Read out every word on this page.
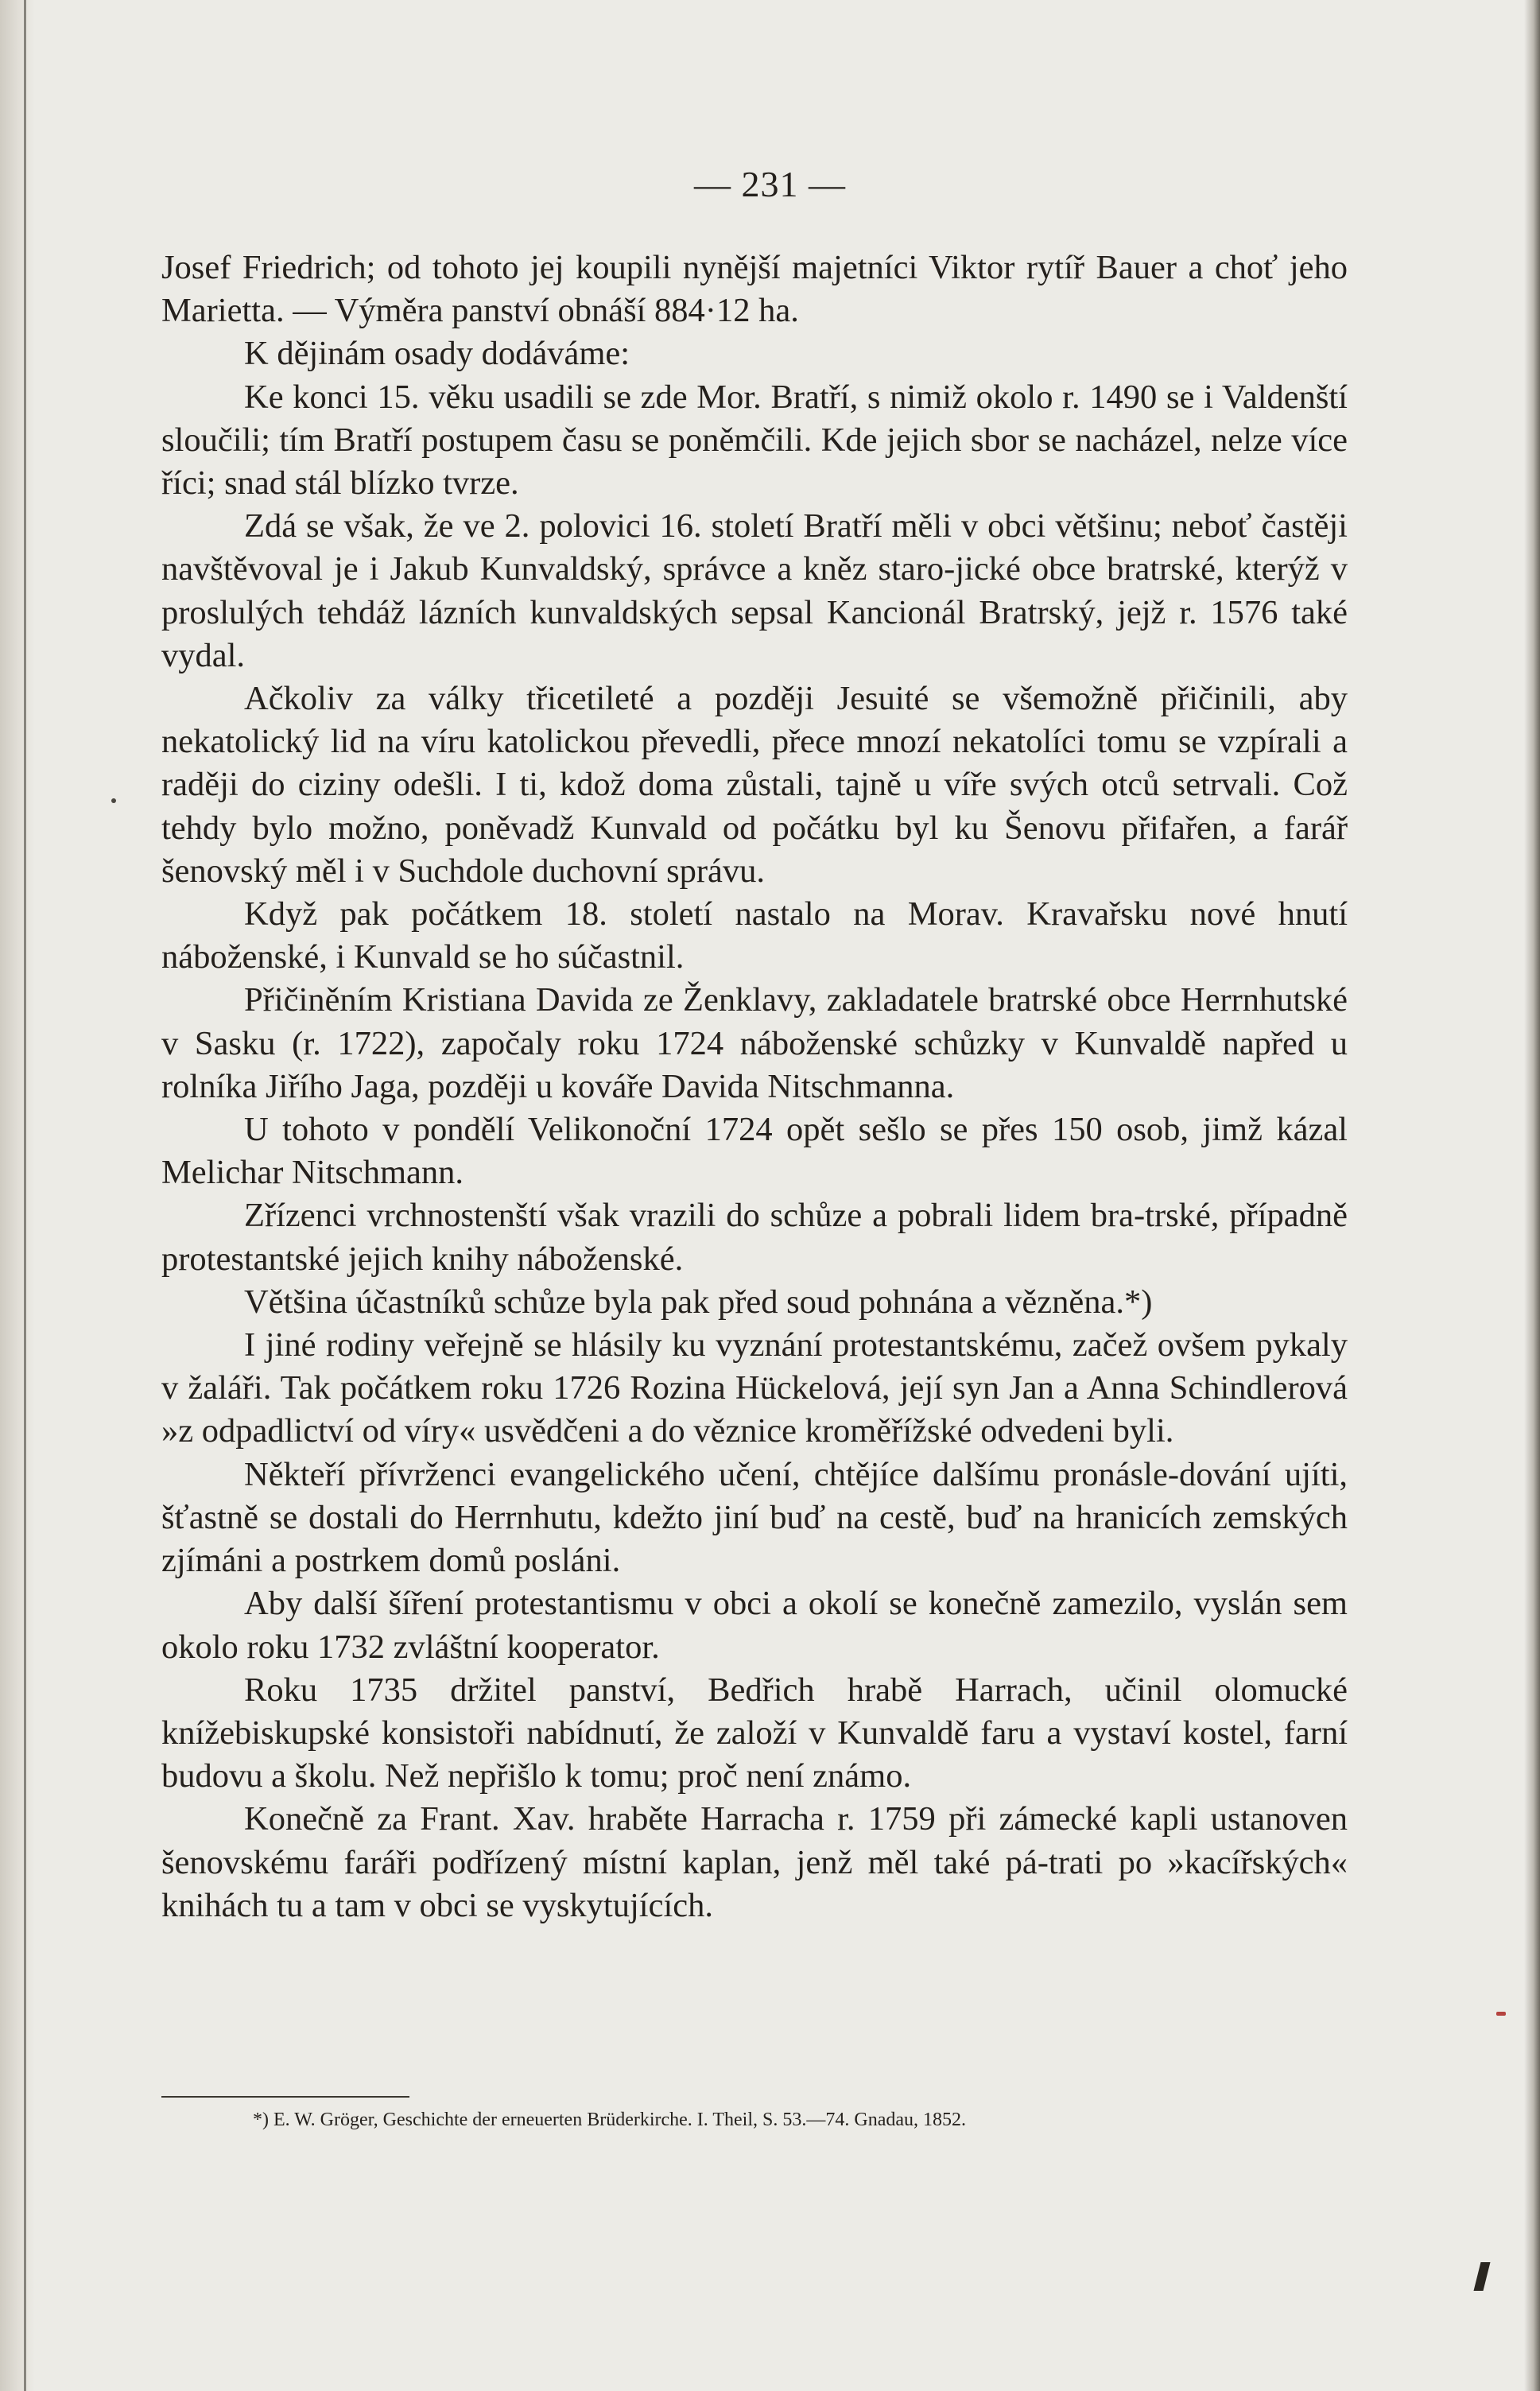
— 231 —

Josef Friedrich; od tohoto jej koupili nynější majetníci Viktor rytíř Bauer a choť jeho Marietta. — Výměra panství obnáší 884·12 ha.

K dějinám osady dodáváme:

Ke konci 15. věku usadili se zde Mor. Bratří, s nimiž okolo r. 1490 se i Valdenští sloučili; tím Bratří postupem času se poněmčili. Kde jejich sbor se nacházel, nelze více říci; snad stál blízko tvrze.

Zdá se však, že ve 2. polovici 16. století Bratří měli v obci většinu; neboť častěji navštěvoval je i Jakub Kunvaldský, správce a kněz staro-jické obce bratrské, kterýž v proslulých tehdáž lázních kunvaldských sepsal Kancionál Bratrský, jejž r. 1576 také vydal.

Ačkoliv za války třicetileté a později Jesuité se všemožně přičinili, aby nekatolický lid na víru katolickou převedli, přece mnozí nekatolíci tomu se vzpírali a raději do ciziny odešli. I ti, kdož doma zůstali, tajně u víře svých otců setrvali. Což tehdy bylo možno, poněvadž Kunvald od počátku byl ku Šenovu přifařen, a farář šenovský měl i v Suchdole duchovní správu.

Když pak počátkem 18. století nastalo na Morav. Kravařsku nové hnutí náboženské, i Kunvald se ho súčastnil.

Přičiněním Kristiana Davida ze Ženklavy, zakladatele bratrské obce Herrnhutské v Sasku (r. 1722), započaly roku 1724 náboženské schůzky v Kunvaldě napřed u rolníka Jiřího Jaga, později u kováře Davida Nitschmanna.

U tohoto v pondělí Velikonoční 1724 opět sešlo se přes 150 osob, jimž kázal Melichar Nitschmann.

Zřízenci vrchnostenští však vrazili do schůze a pobrali lidem bra-trské, případně protestantské jejich knihy náboženské.

Většina účastníků schůze byla pak před soud pohnána a vězněna.*)

I jiné rodiny veřejně se hlásily ku vyznání protestantskému, začež ovšem pykaly v žaláři. Tak počátkem roku 1726 Rozina Hückelová, její syn Jan a Anna Schindlerová »z odpadlictví od víry« usvědčeni a do věznice kroměřížské odvedeni byli.

Někteří přívrženci evangelického učení, chtějíce dalšímu pronásle-dování ujíti, šťastně se dostali do Herrnhutu, kdežto jiní buď na cestě, buď na hranicích zemských zjímáni a postrkem domů posláni.

Aby další šíření protestantismu v obci a okolí se konečně zamezilo, vyslán sem okolo roku 1732 zvláštní kooperator.

Roku 1735 držitel panství, Bedřich hrabě Harrach, učinil olomucké knížebiskupské konsistoři nabídnutí, že založí v Kunvaldě faru a vystaví kostel, farní budovu a školu. Než nepřišlo k tomu; proč není známo.

Konečně za Frant. Xav. hraběte Harracha r. 1759 při zámecké kapli ustanoven šenovskému faráři podřízený místní kaplan, jenž měl také pá-trati po »kacířských« knihách tu a tam v obci se vyskytujících.

*) E. W. Gröger, Geschichte der erneuerten Brüderkirche. I. Theil, S. 53.—74. Gnadau, 1852.
